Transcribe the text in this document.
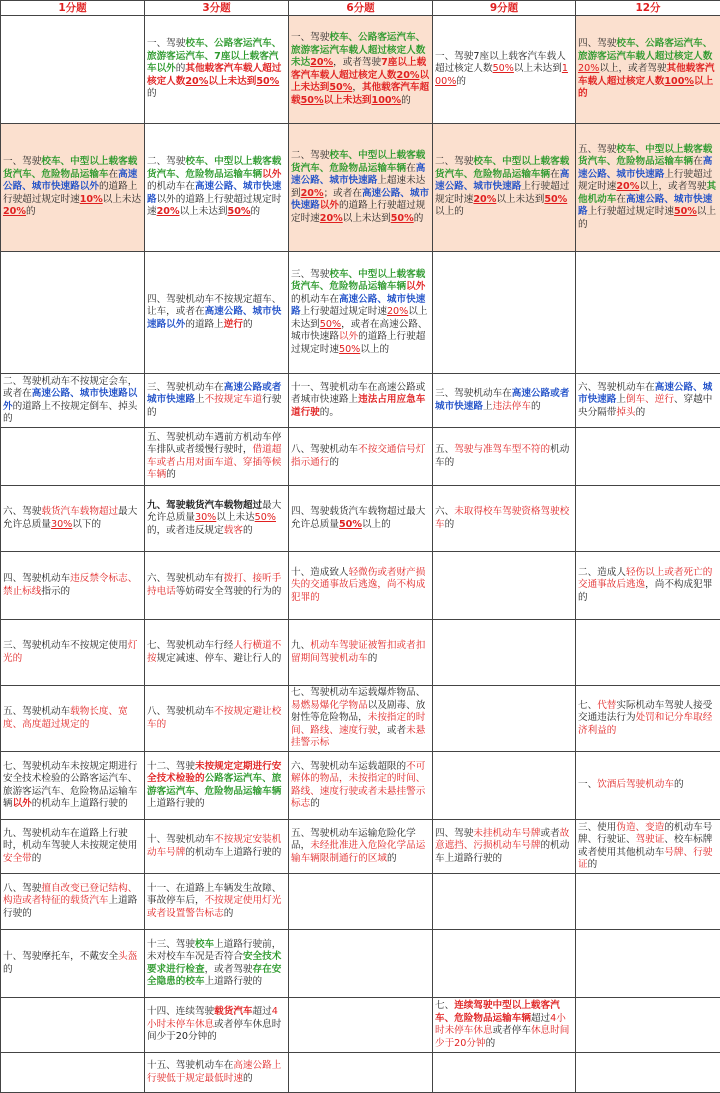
1分题	3分题	6分题	9分题	12分
	一、驾驶校车、公路客运汽车、旅游客运汽车、7座以上载客汽车以外的其他载客汽车载人超过核定人数20%以上未达到50%的	一、驾驶校车、公路客运汽车、旅游客运汽车载人超过核定人数未达20%，或者驾驶7座以上载客汽车载人超过核定人数20%以上未达到50%，其他载客汽车超载50%以上未达到100%的	一、驾驶7座以上载客汽车载人超过核定人数50%以上未达到100%的	四、驾驶校车、公路客运汽车、旅游客运汽车载人超过核定人数20%以上，或者驾驶其他载客汽车载人超过核定人数100%以上的
一、驾驶校车、中型以上载客载货汽车、危险物品运输车在高速公路、城市快速路以外的道路上行驶超过规定时速10%以上未达20%的	二、驾驶校车、中型以上载客载货汽车、危险物品运输车辆以外的机动车在高速公路、城市快速路以外的道路上行驶超过规定时速20%以上未达到50%的	二、驾驶校车、中型以上载客载货汽车、危险物品运输车辆在高速公路、城市快速路上超速未达到20%；或者在高速公路、城市快速路以外的道路上行驶超过规定时速20%以上未达到50%的	二、驾驶校车、中型以上载客载货汽车、危险物品运输车辆在高速公路、城市快速路上行驶超过规定时速20%以上未达到50%以上的	五、驾驶校车、中型以上载客载货汽车、危险物品运输车辆在高速公路、城市快速路上行驶超过规定时速20%以上，或者驾驶其他机动车在高速公路、城市快速路上行驶超过规定时速50%以上的
	四、驾驶机动车不按规定超车、让车，或者在高速公路、城市快速路以外的道路上逆行的	三、驾驶校车、中型以上载客载货汽车、危险物品运输车辆以外的机动车在高速公路、城市快速路上行驶超过规定时速20%以上未达到50%，或者在高速公路、城市快速路以外的道路上行驶超过规定时速50%以上的		
二、驾驶机动车不按规定会车，或者在高速公路、城市快速路以外的道路上不按规定倒车、掉头的	三、驾驶机动车在高速公路或者城市快速路上不按规定车道行驶的	十一、驾驶机动车在高速公路或者城市快速路上违法占用应急车道行驶的。	三、驾驶机动车在高速公路或者城市快速路上违法停车的	六、驾驶机动车在高速公路、城市快速路上倒车、逆行、穿越中央分隔带掉头的
	五、驾驶机动车遇前方机动车停车排队或者缓慢行驶时，借道超车或者占用对面车道、穿插等候车辆的	八、驾驶机动车不按交通信号灯指示通行的	五、驾驶与准驾车型不符的机动车的	
六、驾驶载货汽车载物超过最大允许总质量30%以下的	九、驾驶载货汽车载物超过最大允许总质量30%以上未达50%的，或者违反规定载客的	四、驾驶载货汽车载物超过最大允许总质量50%以上的	六、未取得校车驾驶资格驾驶校车的	
四、驾驶机动车违反禁令标志、禁止标线指示的	六、驾驶机动车有拨打、接听手持电话等妨碍安全驾驶的行为的	十、造成致人轻微伤或者财产损失的交通事故后逃逸，尚不构成犯罪的		二、造成人轻伤以上或者死亡的交通事故后逃逸，尚不构成犯罪的
三、驾驶机动车不按规定使用灯光的	七、驾驶机动车行经人行横道不按规定减速、停车、避让行人的	九、机动车驾驶证被暂扣或者扣留期间驾驶机动车的		
五、驾驶机动车载物长度、宽度、高度超过规定的	八、驾驶机动车不按规定避让校车的	七、驾驶机动车运载爆炸物品、易燃易爆化学物品以及剧毒、放射性等危险物品，未按指定的时间、路线、速度行驶，或者未悬挂警示标		七、代替实际机动车驾驶人接受交通违法行为处罚和记分牟取经济利益的
七、驾驶机动车未按规定期进行安全技术检验的公路客运汽车、旅游客运汽车、危险物品运输车辆以外的机动车上道路行驶的	十二、驾驶未按规定定期进行安全技术检验的公路客运汽车、旅游客运汽车、危险物品运输车辆上道路行驶的	六、驾驶机动车运载超限的不可解体的物品，未按指定的时间、路线、速度行驶或者未悬挂警示标志的		一、饮酒后驾驶机动车的
九、驾驶机动车在道路上行驶时，机动车驾驶人未按规定使用安全带的	十、驾驶机动车不按规定安装机动车号牌的机动车上道路行驶的	五、驾驶机动车运输危险化学品，未经批准进入危险化学品运输车辆限制通行的区域的	四、驾驶未挂机动车号牌或者故意遮挡、污损机动车号牌的机动车上道路行驶的	三、使用伪造、变造的机动车号牌、行驶证、驾驶证、校车标牌或者使用其他机动车号牌、行驶证的
八、驾驶擅自改变已登记结构、构造或者特征的载货汽车上道路行驶的	十一、在道路上车辆发生故障、事故停车后，不按规定使用灯光或者设置警告标志的			
十、驾驶摩托车，不戴安全头盔的	十三、驾驶校车上道路行驶前，未对校车车况是否符合安全技术要求进行检查，或者驾驶存在安全隐患的校车上道路行驶的			
	十四、连续驾驶载货汽车超过4小时未停车休息或者停车休息时间少于20分钟的		七、连续驾驶中型以上载客汽车、危险物品运输车辆超过4小时未停车休息或者停车休息时间少于20分钟的	
	十五、驾驶机动车在高速公路上行驶低于规定最低时速的			
